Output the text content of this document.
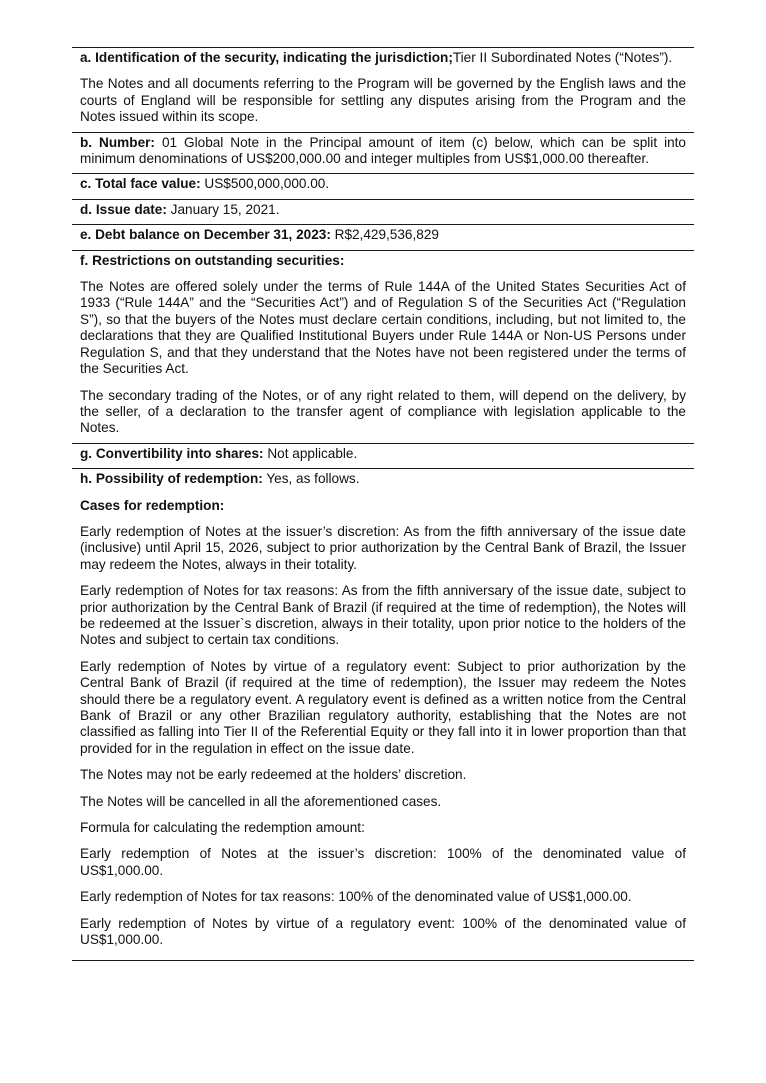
a. Identification of the security, indicating the jurisdiction;Tier II Subordinated Notes (“Notes”).

The Notes and all documents referring to the Program will be governed by the English laws and the courts of England will be responsible for settling any disputes arising from the Program and the Notes issued within its scope.

b. Number: 01 Global Note in the Principal amount of item (c) below, which can be split into minimum denominations of US$200,000.00 and integer multiples from US$1,000.00 thereafter.

c. Total face value: US$500,000,000.00.

d. Issue date: January 15, 2021.

e. Debt balance on December 31, 2023: R$2,429,536,829

f. Restrictions on outstanding securities:

The Notes are offered solely under the terms of Rule 144A of the United States Securities Act of 1933 (“Rule 144A” and the “Securities Act”) and of Regulation S of the Securities Act (“Regulation S”), so that the buyers of the Notes must declare certain conditions, including, but not limited to, the declarations that they are Qualified Institutional Buyers under Rule 144A or Non-US Persons under Regulation S, and that they understand that the Notes have not been registered under the terms of the Securities Act.

The secondary trading of the Notes, or of any right related to them, will depend on the delivery, by the seller, of a declaration to the transfer agent of compliance with legislation applicable to the Notes.

g. Convertibility into shares: Not applicable.

h. Possibility of redemption: Yes, as follows.

Cases for redemption:

Early redemption of Notes at the issuer’s discretion: As from the fifth anniversary of the issue date (inclusive) until April 15, 2026, subject to prior authorization by the Central Bank of Brazil, the Issuer may redeem the Notes, always in their totality.

Early redemption of Notes for tax reasons: As from the fifth anniversary of the issue date, subject to prior authorization by the Central Bank of Brazil (if required at the time of redemption), the Notes will be redeemed at the Issuer`s discretion, always in their totality, upon prior notice to the holders of the Notes and subject to certain tax conditions.

Early redemption of Notes by virtue of a regulatory event: Subject to prior authorization by the Central Bank of Brazil (if required at the time of redemption), the Issuer may redeem the Notes should there be a regulatory event. A regulatory event is defined as a written notice from the Central Bank of Brazil or any other Brazilian regulatory authority, establishing that the Notes are not classified as falling into Tier II of the Referential Equity or they fall into it in lower proportion than that provided for in the regulation in effect on the issue date.

The Notes may not be early redeemed at the holders’ discretion.

The Notes will be cancelled in all the aforementioned cases.

Formula for calculating the redemption amount:

Early redemption of Notes at the issuer’s discretion: 100% of the denominated value of US$1,000.00.

Early redemption of Notes for tax reasons: 100% of the denominated value of US$1,000.00.

Early redemption of Notes by virtue of a regulatory event: 100% of the denominated value of US$1,000.00.
